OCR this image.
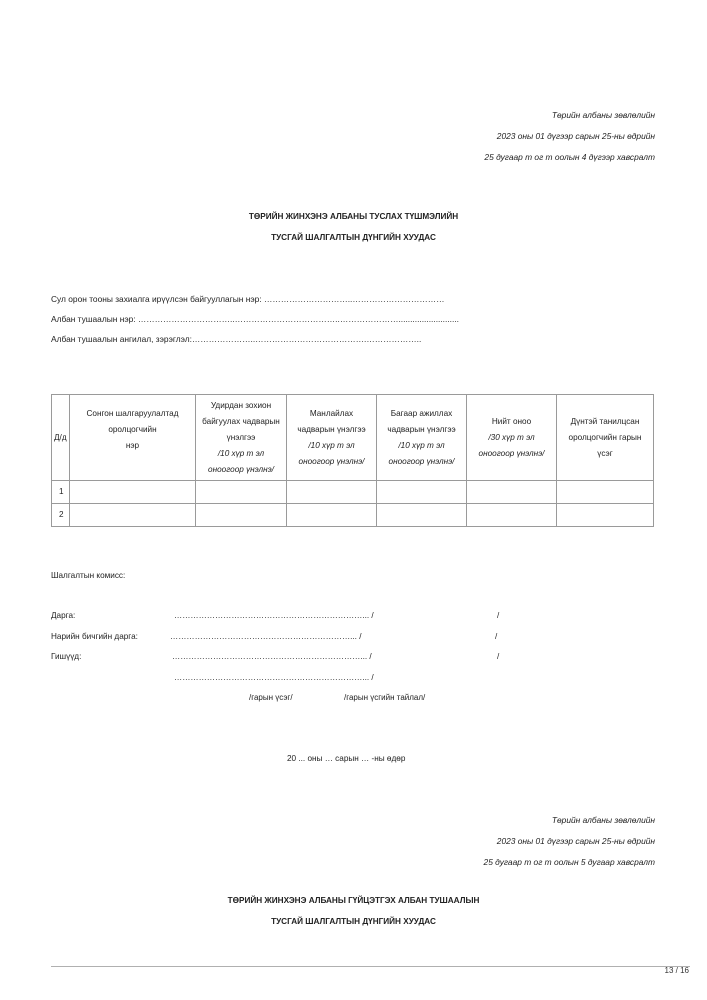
Төрийн албаны зөвлөлийн
2023 оны 01 дүгээр сарын 25-ны өдрийн
25 дугаар т ог т оолын 4 дүгээр хавсралт
ТӨРИЙН ЖИНХЭНЭ АЛБАНЫ ТУСЛАХ ТҮШМЭЛИЙН
ТУСГАЙ ШАЛГАЛТЫН ДҮНГИЙН ХУУДАС
Сул орон тооны захиалга ирүүлсэн байгууллагын нэр: …………………………..……………………………
Албан тушаалын нэр: ……………………………..………………………………..…………………..........................
Албан тушаалын ангилал, зэрэглэл:…………………..………………………………….………………..
Д/д	Сонгон шалгаруулалтад
оролцогчийн
нэр	Удирдан зохион
байгуулах чадварын
үнэлгээ
/10 хүр т эл
оноогоор үнэлнэ/	Манлайлах
чадварын үнэлгээ
/10 хүр т эл
оноогоор үнэлнэ/	Багаар ажиллах
чадварын үнэлгээ
/10 хүр т эл
оноогоор үнэлнэ/	Нийт оноо
/30 хүр т эл
оноогоор үнэлнэ/	Дүнтэй танилцсан
оролцогчийн гарын
үсэг

1						
2						
Шалгалтын комисс:
Дарга:	……………………………………………………………... /	/
Нарийн бичгийн дарга:	…………………………………………………………... /	/
Гишүүд:	……………………………………………………………... /	/
……………………………………………………………... /
/гарын үсэг/	/гарын үсгийн тайлал/
20 ... оны … сарын … -ны өдөр
Төрийн албаны зөвлөлийн
2023 оны 01 дүгээр сарын 25-ны өдрийн
25 дугаар т ог т оолын 5 дугаар хавсралт
ТӨРИЙН ЖИНХЭНЭ АЛБАНЫ ГҮЙЦЭТГЭХ АЛБАН ТУШААЛЫН
ТУСГАЙ ШАЛГАЛТЫН ДҮНГИЙН ХУУДАС
13 / 16
